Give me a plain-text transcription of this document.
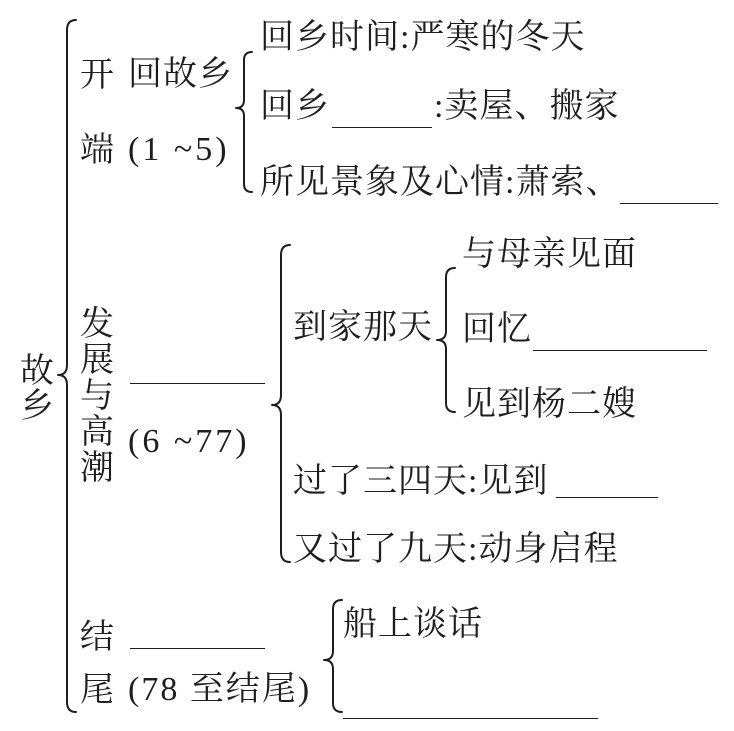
故乡
开端
回故乡
(1 ~5)
回乡时间:严寒的冬天
回乡	:卖屋、搬家
所见景象及心情:萧索、
发展与高潮
(6 ~77)
到家那天
与母亲见面
回忆
见到杨二嫂
过了三四天:见到
又过了九天:动身启程
结尾 (78 至结尾)
船上谈话
